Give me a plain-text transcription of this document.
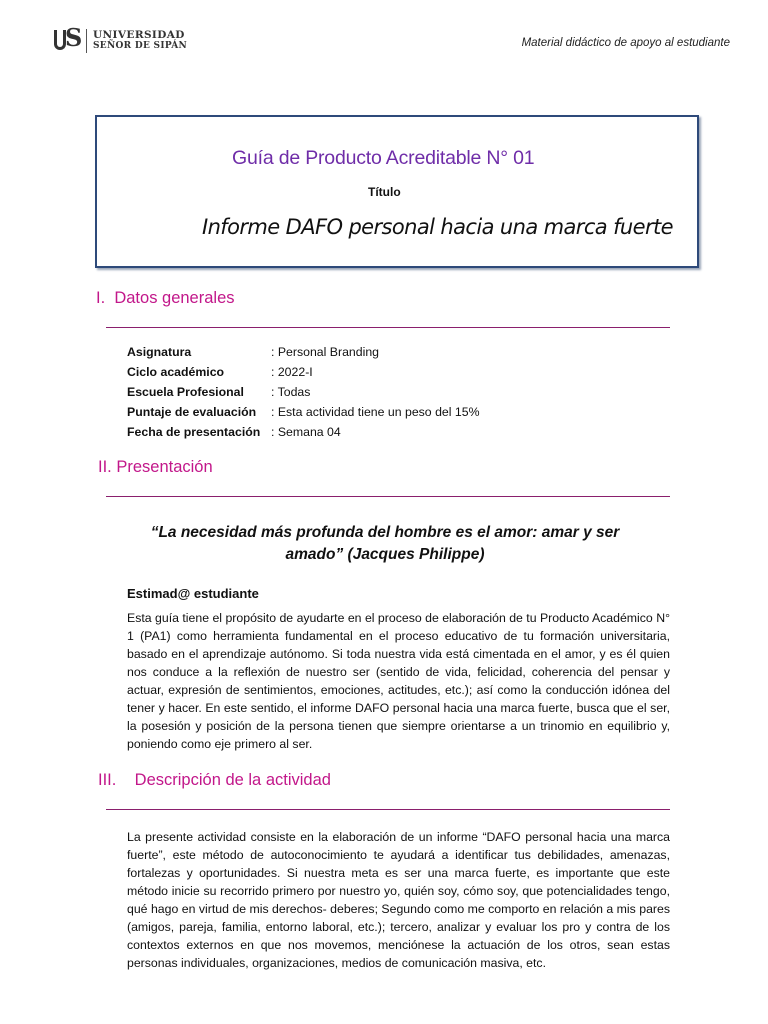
S UNIVERSIDAD
SEÑOR DE SIPÁN	Material didáctico de apoyo al estudiante
Guía de Producto Acreditable N° 01
Título
Informe DAFO personal hacia una marca fuerte
I.  Datos generales
Asignatura	: Personal Branding
Ciclo académico	: 2022-I
Escuela Profesional : Todas
Puntaje de evaluación : Esta actividad tiene un peso del 15%
Fecha de presentación : Semana 04
II. Presentación
“La necesidad más profunda del hombre es el amor: amar y ser amado” (Jacques Philippe)
Estimad@ estudiante

Esta guía tiene el propósito de ayudarte en el proceso de elaboración de tu Producto Académico N° 1 (PA1) como herramienta fundamental en el proceso educativo de tu formación universitaria, basado en el aprendizaje autónomo. Si toda nuestra vida está cimentada en el amor, y es él quien nos conduce a la reflexión de nuestro ser (sentido de vida, felicidad, coherencia del pensar y actuar, expresión de sentimientos, emociones, actitudes, etc.); así como la conducción idónea del tener y hacer. En este sentido, el informe DAFO personal hacia una marca fuerte, busca que el ser, la posesión y posición de la persona tienen que siempre orientarse a un trinomio en equilibrio y, poniendo como eje primero al ser.

III.    Descripción de la actividad

La presente actividad consiste en la elaboración de un informe “DAFO personal hacia una marca fuerte”, este método de autoconocimiento te ayudará a identificar tus debilidades, amenazas, fortalezas y oportunidades. Si nuestra meta es ser una marca fuerte, es importante que este método inicie su recorrido primero por nuestro yo, quién soy, cómo soy, que potencialidades tengo, qué hago en virtud de mis derechos- deberes; Segundo como me comporto en relación a mis pares (amigos, pareja, familia, entorno laboral, etc.); tercero, analizar y evaluar los pro y contra de los contextos externos en que nos movemos, menciónese la actuación de los otros, sean estas personas individuales, organizaciones, medios de comunicación masiva, etc.
